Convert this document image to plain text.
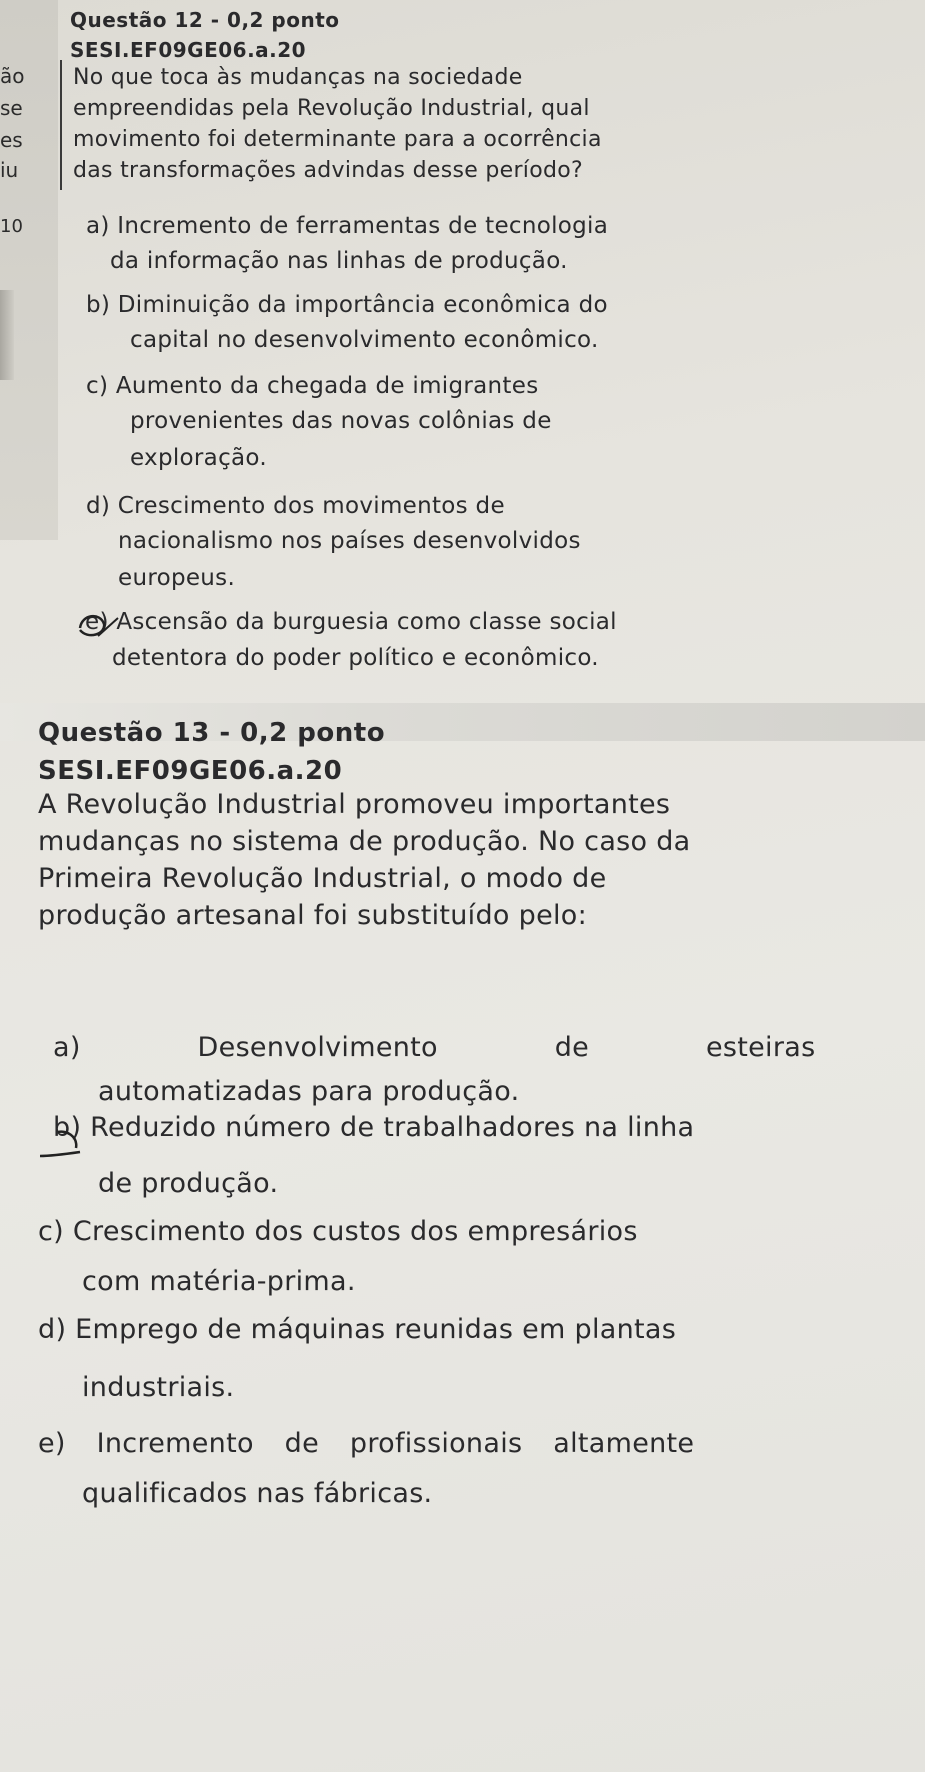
ão
se
es
iu
10
Questão 12 - 0,2 ponto
SESI.EF09GE06.a.20
No que toca às mudanças na sociedade
empreendidas pela Revolução Industrial, qual
movimento foi determinante para a ocorrência
das transformações advindas desse período?
a) Incremento de ferramentas de tecnologia
da informação nas linhas de produção.
b) Diminuição da importância econômica do
capital no desenvolvimento econômico.
c) Aumento da chegada de imigrantes
provenientes das novas colônias de
exploração.
d) Crescimento dos movimentos de
nacionalismo nos países desenvolvidos
europeus.
e) Ascensão da burguesia como classe social
detentora do poder político e econômico.
Questão 13 - 0,2 ponto
SESI.EF09GE06.a.20
A Revolução Industrial promoveu importantes
mudanças no sistema de produção. No caso da
Primeira Revolução Industrial, o modo de
produção artesanal foi substituído pelo:
a) Desenvolvimento de esteiras
automatizadas para produção.
b) Reduzido número de trabalhadores na linha
de produção.
c) Crescimento dos custos dos empresários
com matéria-prima.
d) Emprego de máquinas reunidas em plantas
industriais.
e) Incremento de profissionais altamente
qualificados nas fábricas.
